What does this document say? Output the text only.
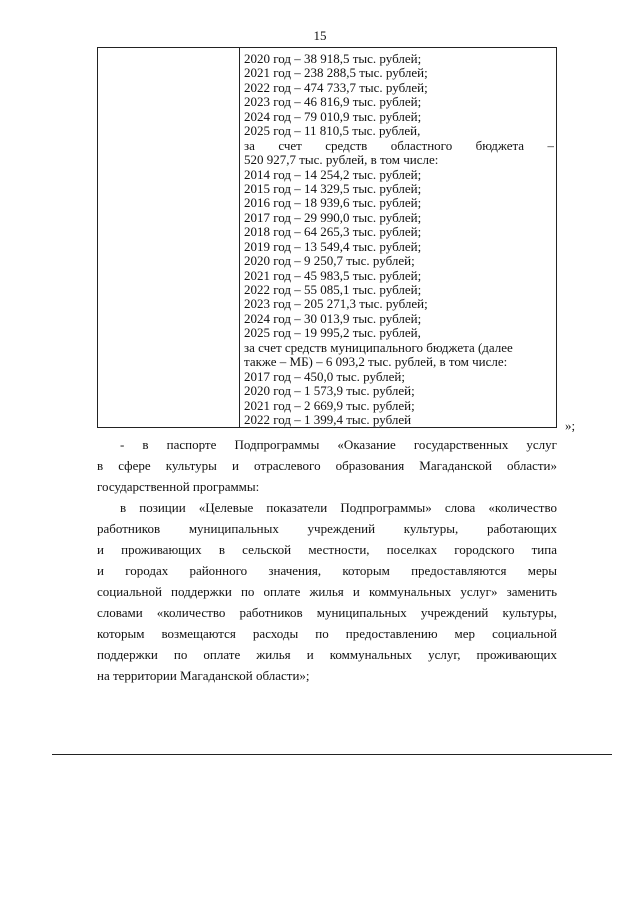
15
2020 год – 38 918,5 тыс. рублей;
2021 год – 238 288,5 тыс. рублей;
2022 год – 474 733,7 тыс. рублей;
2023 год – 46 816,9 тыс. рублей;
2024 год – 79 010,9 тыс. рублей;
2025 год – 11 810,5 тыс. рублей,
за счет средств областного бюджета –
520 927,7 тыс. рублей, в том числе:
2014 год – 14 254,2 тыс. рублей;
2015 год – 14 329,5 тыс. рублей;
2016 год – 18 939,6 тыс. рублей;
2017 год – 29 990,0 тыс. рублей;
2018 год – 64 265,3 тыс. рублей;
2019 год – 13 549,4 тыс. рублей;
2020 год – 9 250,7 тыс. рублей;
2021 год – 45 983,5 тыс. рублей;
2022 год – 55 085,1 тыс. рублей;
2023 год – 205 271,3 тыс. рублей;
2024 год – 30 013,9 тыс. рублей;
2025 год – 19 995,2 тыс. рублей,
за счет средств муниципального бюджета (далее
также – МБ) – 6 093,2 тыс. рублей, в том числе:
2017 год – 450,0 тыс. рублей;
2020 год – 1 573,9 тыс. рублей;
2021 год – 2 669,9 тыс. рублей;
2022 год – 1 399,4 тыс. рублей	»;
- в паспорте Подпрограммы «Оказание государственных услуг
в сфере культуры и отраслевого образования Магаданской области»
государственной программы:
в позиции «Целевые показатели Подпрограммы» слова «количество
работников муниципальных учреждений культуры, работающих
и проживающих в сельской местности, поселках городского типа
и городах районного значения, которым предоставляются меры
социальной поддержки по оплате жилья и коммунальных услуг» заменить
словами «количество работников муниципальных учреждений культуры,
которым возмещаются расходы по предоставлению мер социальной
поддержки по оплате жилья и коммунальных услуг, проживающих
на территории Магаданской области»;
